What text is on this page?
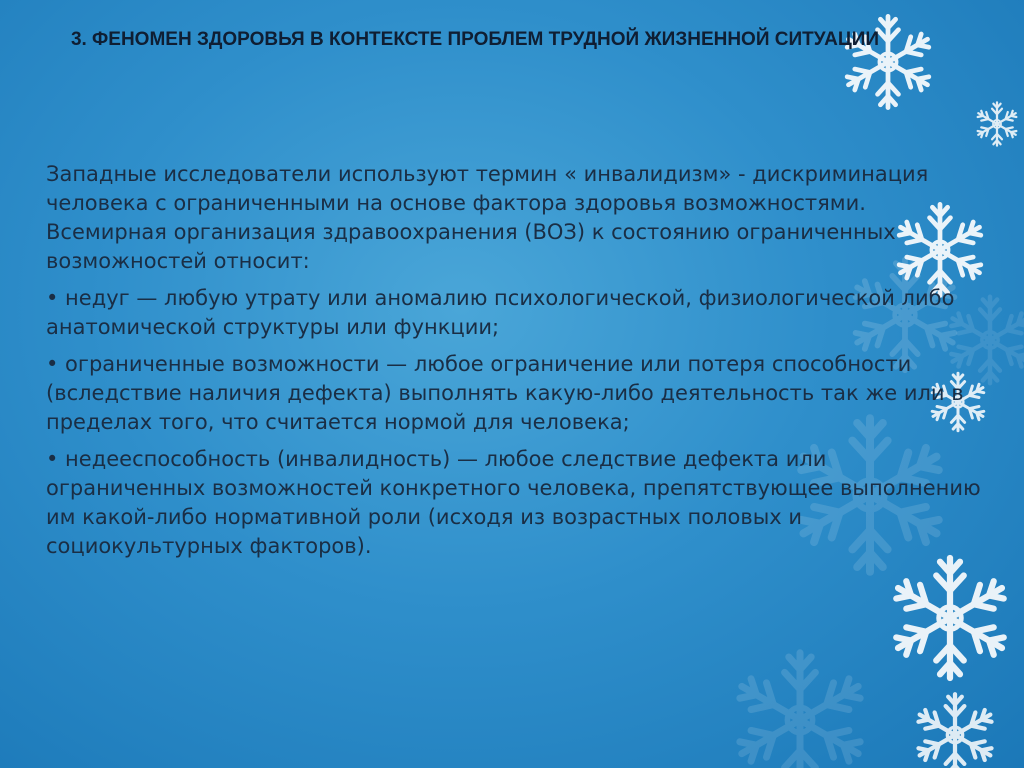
3. ФЕНОМЕН ЗДОРОВЬЯ В КОНТЕКСТЕ ПРОБЛЕМ ТРУДНОЙ ЖИЗНЕННОЙ СИТУАЦИИ

Западные исследователи используют термин « инвалидизм» - дискриминация человека с ограниченными на основе фактора здоровья возможностями. Всемирная организация здравоохранения (ВОЗ) к состоянию ограниченных возможностей относит:

• недуг — любую утрату или аномалию психологической, физиологической либо анатомической структуры или функции;

• ограниченные возможности — любое ограничение или потеря способности (вследствие наличия дефекта) выполнять какую-либо деятельность так же или в пределах того, что считается нормой для человека;

• недееспособность (инвалидность) — любое следствие дефекта или ограниченных возможностей конкретного человека, препятствующее выполнению им какой-либо нормативной роли (исходя из возрастных половых и социокультурных факторов).
